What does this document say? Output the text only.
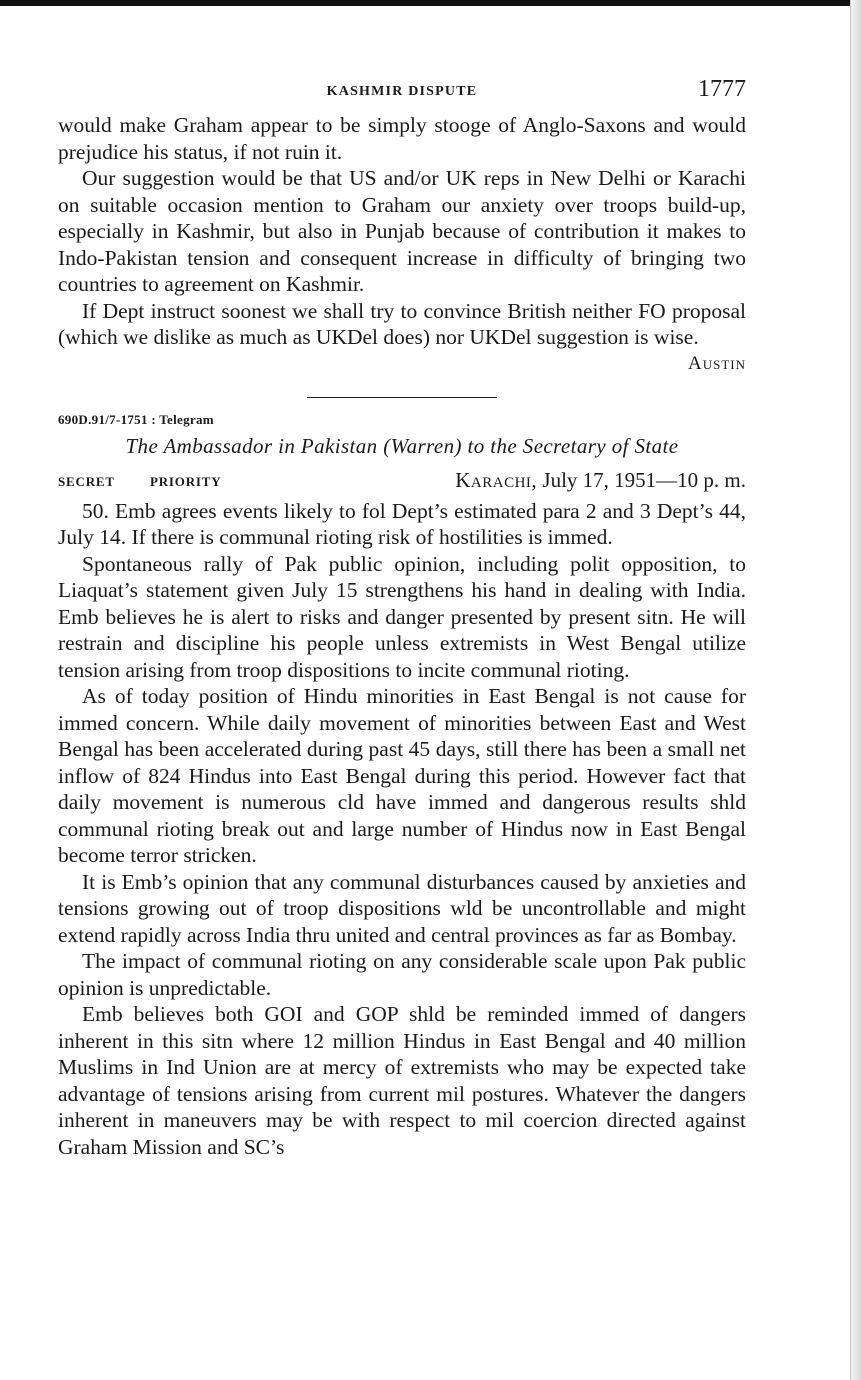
KASHMIR DISPUTE	1777

would make Graham appear to be simply stooge of Anglo-Saxons and would prejudice his status, if not ruin it.

Our suggestion would be that US and/or UK reps in New Delhi or Karachi on suitable occasion mention to Graham our anxiety over troops build-up, especially in Kashmir, but also in Punjab because of contribution it makes to Indo-Pakistan tension and consequent increase in difficulty of bringing two countries to agreement on Kashmir.

If Dept instruct soonest we shall try to convince British neither FO proposal (which we dislike as much as UKDel does) nor UKDel suggestion is wise.

Austin
690D.91/7-1751 : Telegram
The Ambassador in Pakistan (Warren) to the Secretary of State
SECRET	PRIORITY	Karachi, July 17, 1951—10 p. m.

50. Emb agrees events likely to fol Dept’s estimated para 2 and 3 Dept’s 44, July 14. If there is communal rioting risk of hostilities is immed.

Spontaneous rally of Pak public opinion, including polit opposition, to Liaquat’s statement given July 15 strengthens his hand in dealing with India. Emb believes he is alert to risks and danger presented by present sitn. He will restrain and discipline his people unless extremists in West Bengal utilize tension arising from troop dispositions to incite communal rioting.

As of today position of Hindu minorities in East Bengal is not cause for immed concern. While daily movement of minorities between East and West Bengal has been accelerated during past 45 days, still there has been a small net inflow of 824 Hindus into East Bengal during this period. However fact that daily movement is numerous cld have immed and dangerous results shld communal rioting break out and large number of Hindus now in East Bengal become terror stricken.

It is Emb’s opinion that any communal disturbances caused by anxieties and tensions growing out of troop dispositions wld be uncontrollable and might extend rapidly across India thru united and central provinces as far as Bombay.

The impact of communal rioting on any considerable scale upon Pak public opinion is unpredictable.

Emb believes both GOI and GOP shld be reminded immed of dangers inherent in this sitn where 12 million Hindus in East Bengal and 40 million Muslims in Ind Union are at mercy of extremists who may be expected take advantage of tensions arising from current mil postures. Whatever the dangers inherent in maneuvers may be with respect to mil coercion directed against Graham Mission and SC’s
